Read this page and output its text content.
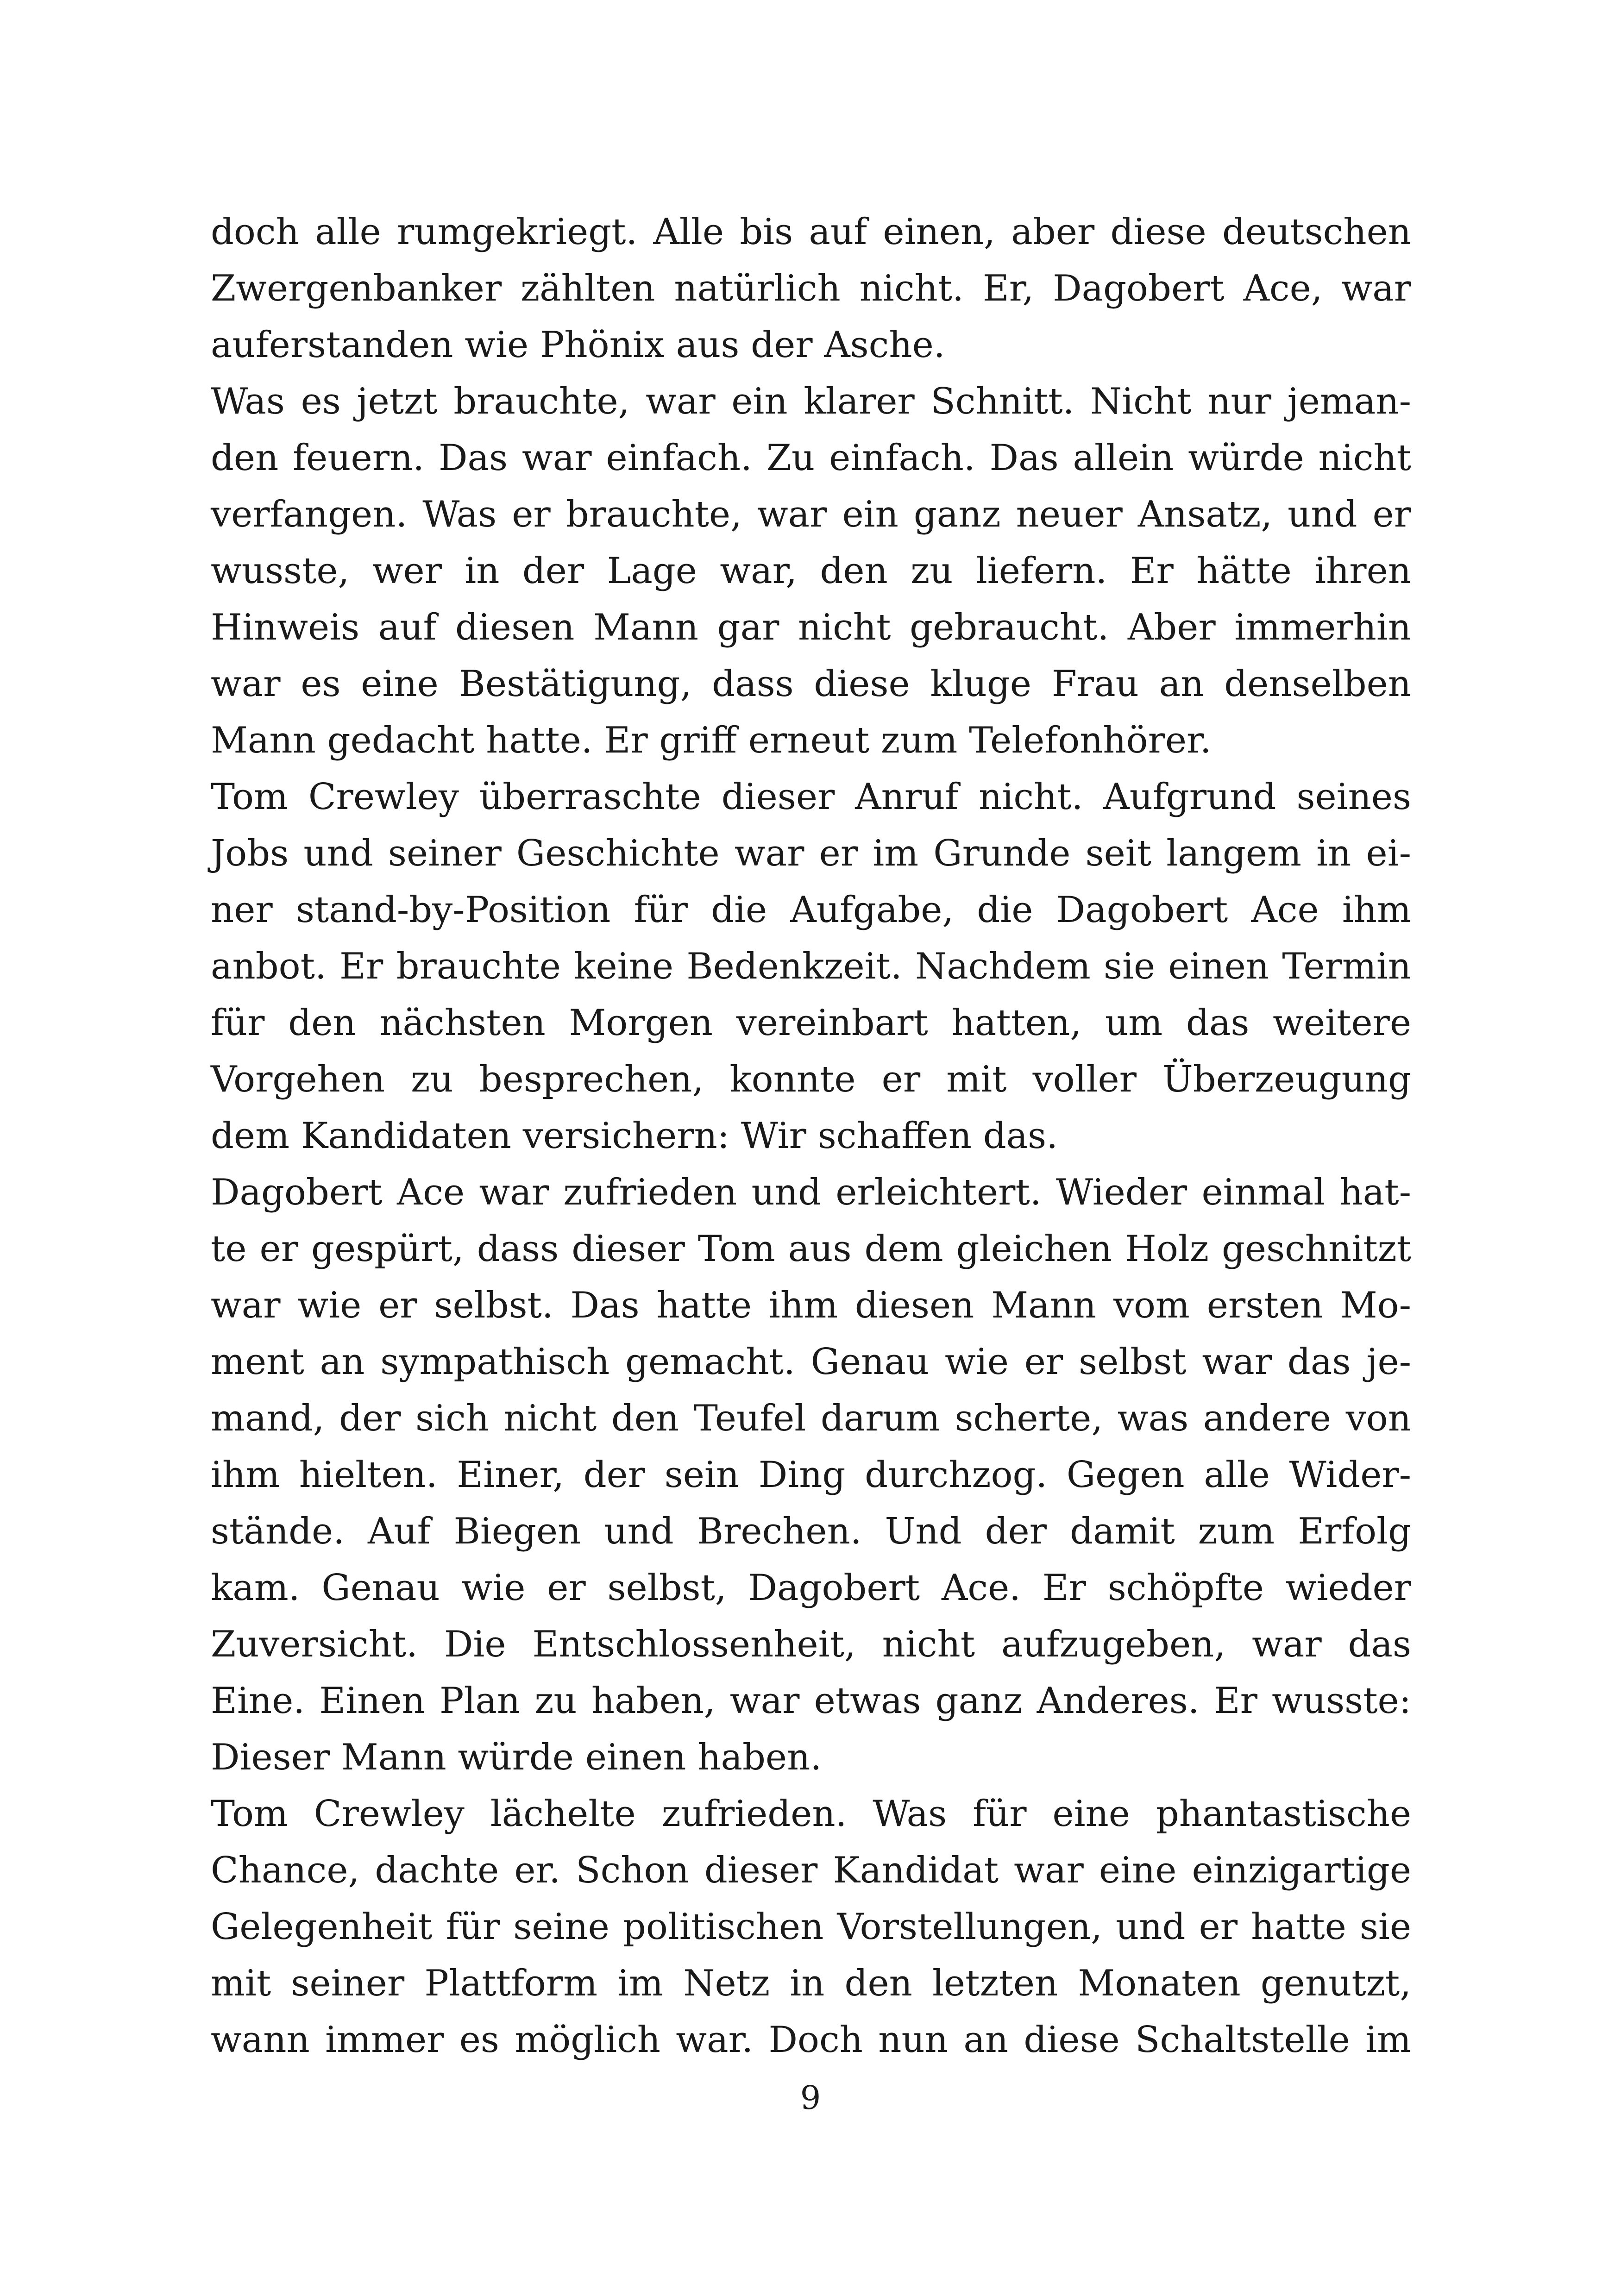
doch alle rumgekriegt. Alle bis auf einen, aber diese deutschen
Zwergenbanker zählten natürlich nicht. Er, Dagobert Ace, war
auferstanden wie Phönix aus der Asche.
Was es jetzt brauchte, war ein klarer Schnitt. Nicht nur jeman-
den feuern. Das war einfach. Zu einfach. Das allein würde nicht
verfangen. Was er brauchte, war ein ganz neuer Ansatz, und er
wusste, wer in der Lage war, den zu liefern. Er hätte ihren
Hinweis auf diesen Mann gar nicht gebraucht. Aber immerhin
war es eine Bestätigung, dass diese kluge Frau an denselben
Mann gedacht hatte. Er griff erneut zum Telefonhörer.
Tom Crewley überraschte dieser Anruf nicht. Aufgrund seines
Jobs und seiner Geschichte war er im Grunde seit langem in ei-
ner stand-by-Position für die Aufgabe, die Dagobert Ace ihm
anbot. Er brauchte keine Bedenkzeit. Nachdem sie einen Termin
für den nächsten Morgen vereinbart hatten, um das weitere
Vorgehen zu besprechen, konnte er mit voller Überzeugung
dem Kandidaten versichern: Wir schaffen das.
Dagobert Ace war zufrieden und erleichtert. Wieder einmal hat-
te er gespürt, dass dieser Tom aus dem gleichen Holz geschnitzt
war wie er selbst. Das hatte ihm diesen Mann vom ersten Mo-
ment an sympathisch gemacht. Genau wie er selbst war das je-
mand, der sich nicht den Teufel darum scherte, was andere von
ihm hielten. Einer, der sein Ding durchzog. Gegen alle Wider-
stände. Auf Biegen und Brechen. Und der damit zum Erfolg
kam. Genau wie er selbst, Dagobert Ace. Er schöpfte wieder
Zuversicht. Die Entschlossenheit, nicht aufzugeben, war das
Eine. Einen Plan zu haben, war etwas ganz Anderes. Er wusste:
Dieser Mann würde einen haben.
Tom Crewley lächelte zufrieden. Was für eine phantastische
Chance, dachte er. Schon dieser Kandidat war eine einzigartige
Gelegenheit für seine politischen Vorstellungen, und er hatte sie
mit seiner Plattform im Netz in den letzten Monaten genutzt,
wann immer es möglich war. Doch nun an diese Schaltstelle im
9
